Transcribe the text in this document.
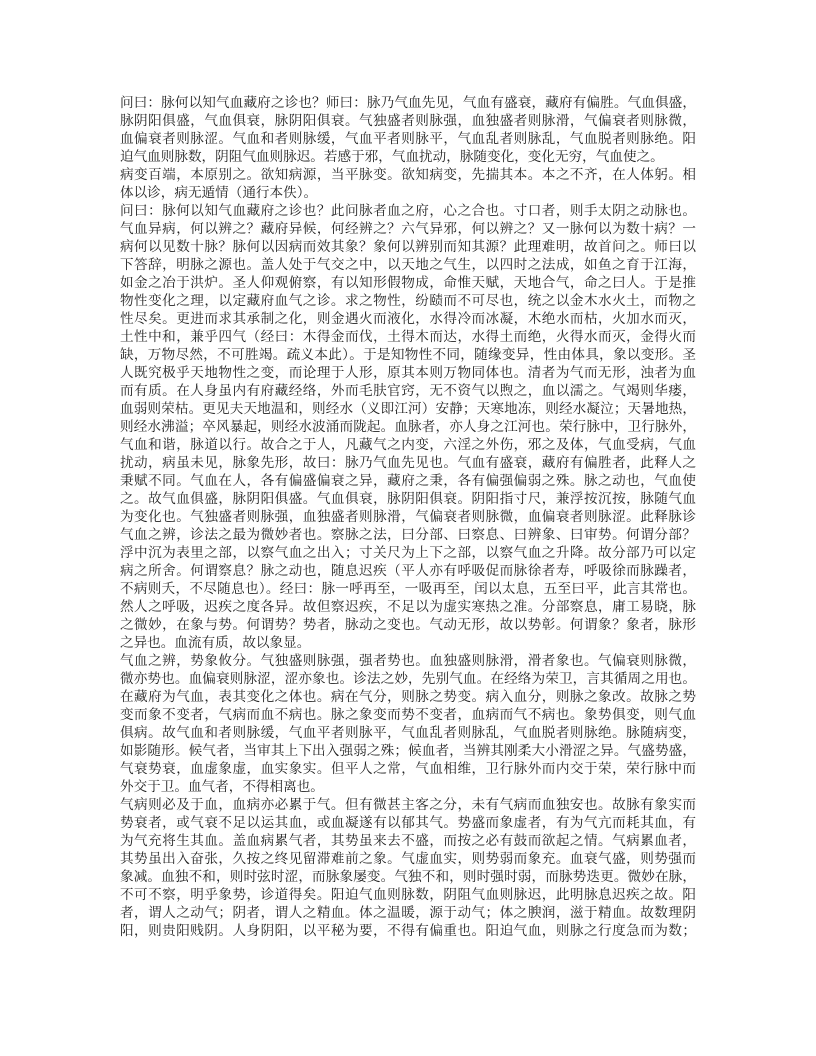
问曰：脉何以知气血藏府之诊也？师曰：脉乃气血先见，气血有盛衰，藏府有偏胜。气血俱盛，
脉阴阳俱盛，气血俱衰，脉阴阳俱衰。气独盛者则脉强，血独盛者则脉滑，气偏衰者则脉微，
血偏衰者则脉涩。气血和者则脉缓，气血平者则脉平，气血乱者则脉乱，气血脱者则脉绝。阳
迫气血则脉数，阴阻气血则脉迟。若感于邪，气血扰动，脉随变化，变化无穷，气血使之。
病变百端，本原别之。欲知病源，当平脉变。欲知病变，先揣其本。本之不齐，在人体躬。相
体以诊，病无遁情（通行本佚）。
问曰：脉何以知气血藏府之诊也？此问脉者血之府，心之合也。寸口者，则手太阴之动脉也。
气血异病，何以辨之？藏府异候，何经辨之？六气异邪，何以辨之？又一脉何以为数十病？一
病何以见数十脉？脉何以因病而效其象？象何以辨别而知其源？此理难明，故首问之。师曰以
下答辞，明脉之源也。盖人处于气交之中，以天地之气生，以四时之法成，如鱼之育于江海，
如金之冶于洪炉。圣人仰观俯察，有以知形假物成，命惟天赋，天地合气，命之曰人。于是推
物性变化之理，以定藏府血气之诊。求之物性，纷赜而不可尽也，统之以金木水火土，而物之
性尽矣。更进而求其承制之化，则金遇火而液化，水得冷而冰凝，木绝水而枯，火加水而灭，
土性中和，兼乎四气（经曰：木得金而伐，土得木而达，水得土而绝，火得水而灭，金得火而
缺，万物尽然，不可胜竭。疏义本此）。于是知物性不同，随缘变异，性由体具，象以变形。圣
人既究极乎天地物性之变，而论理于人形，原其本则万物同体也。清者为气而无形，浊者为血
而有质。在人身虽内有府藏经络，外而毛肤官窍，无不资气以煦之，血以濡之。气竭则华瘘，
血弱则荣枯。更见夫天地温和，则经水（义即江河）安静；天寒地冻，则经水凝泣；天暑地热，
则经水沸溢；卒风暴起，则经水波涌而陇起。血脉者，亦人身之江河也。荣行脉中，卫行脉外，
气血和谐，脉道以行。故合之于人，凡藏气之内变，六淫之外伤，邪之及体，气血受病，气血
扰动，病虽未见，脉象先形，故曰：脉乃气血先见也。气血有盛衰，藏府有偏胜者，此释人之
秉赋不同。气血在人，各有偏盛偏衰之异，藏府之秉，各有偏强偏弱之殊。脉之动也，气血使
之。故气血俱盛，脉阴阳俱盛。气血俱衰，脉阴阳俱衰。阴阳指寸尺，兼浮按沉按，脉随气血
为变化也。气独盛者则脉强，血独盛者则脉滑，气偏衰者则脉微，血偏衰者则脉涩。此释脉诊
气血之辨，诊法之最为微妙者也。察脉之法，曰分部、曰察息、曰辨象、曰审势。何谓分部？
浮中沉为表里之部，以察气血之出入；寸关尺为上下之部，以察气血之升降。故分部乃可以定
病之所舍。何谓察息？脉之动也，随息迟疾（平人亦有呼吸促而脉徐者寿，呼吸徐而脉躁者，
不病则夭，不尽随息也）。经曰：脉一呼再至，一吸再至，闰以太息，五至曰平，此言其常也。
然人之呼吸，迟疾之度各异。故但察迟疾，不足以为虚实寒热之准。分部察息，庸工易晓，脉
之微妙，在象与势。何谓势？势者，脉动之变也。气动无形，故以势彰。何谓象？象者，脉形
之异也。血流有质，故以象显。
气血之辨，势象攸分。气独盛则脉强，强者势也。血独盛则脉滑，滑者象也。气偏衰则脉微，
微亦势也。血偏衰则脉涩，涩亦象也。诊法之妙，先别气血。在经络为荣卫，言其循周之用也。
在藏府为气血，表其变化之体也。病在气分，则脉之势变。病入血分，则脉之象改。故脉之势
变而象不变者，气病而血不病也。脉之象变而势不变者，血病而气不病也。象势俱变，则气血
俱病。故气血和者则脉缓，气血平者则脉平，气血乱者则脉乱，气血脱者则脉绝。脉随病变，
如影随形。候气者，当审其上下出入强弱之殊；候血者，当辨其刚柔大小滑涩之异。气盛势盛，
气衰势衰，血虚象虚，血实象实。但平人之常，气血相维，卫行脉外而内交于荣，荣行脉中而
外交于卫。血气者，不得相离也。
气病则必及于血，血病亦必累于气。但有微甚主客之分，未有气病而血独安也。故脉有象实而
势衰者，或气衰不足以运其血，或血凝遂有以郁其气。势盛而象虚者，有为气亢而耗其血，有
为气充将生其血。盖血病累气者，其势虽来去不盛，而按之必有鼓而欲起之情。气病累血者，
其势虽出入奋张，久按之终见留滞难前之象。气虚血实，则势弱而象充。血衰气盛，则势强而
象减。血独不和，则时弦时涩，而脉象屡变。气独不和，则时强时弱，而脉势迭更。微妙在脉，
不可不察，明乎象势，诊道得矣。阳迫气血则脉数，阴阻气血则脉迟，此明脉息迟疾之故。阳
者，谓人之动气；阴者，谓人之精血。体之温暖，源于动气；体之腴润，滋于精血。故数理阴
阳，则贵阳贱阴。人身阴阳，以平秘为要，不得有偏重也。阳迫气血，则脉之行度急而为数；
